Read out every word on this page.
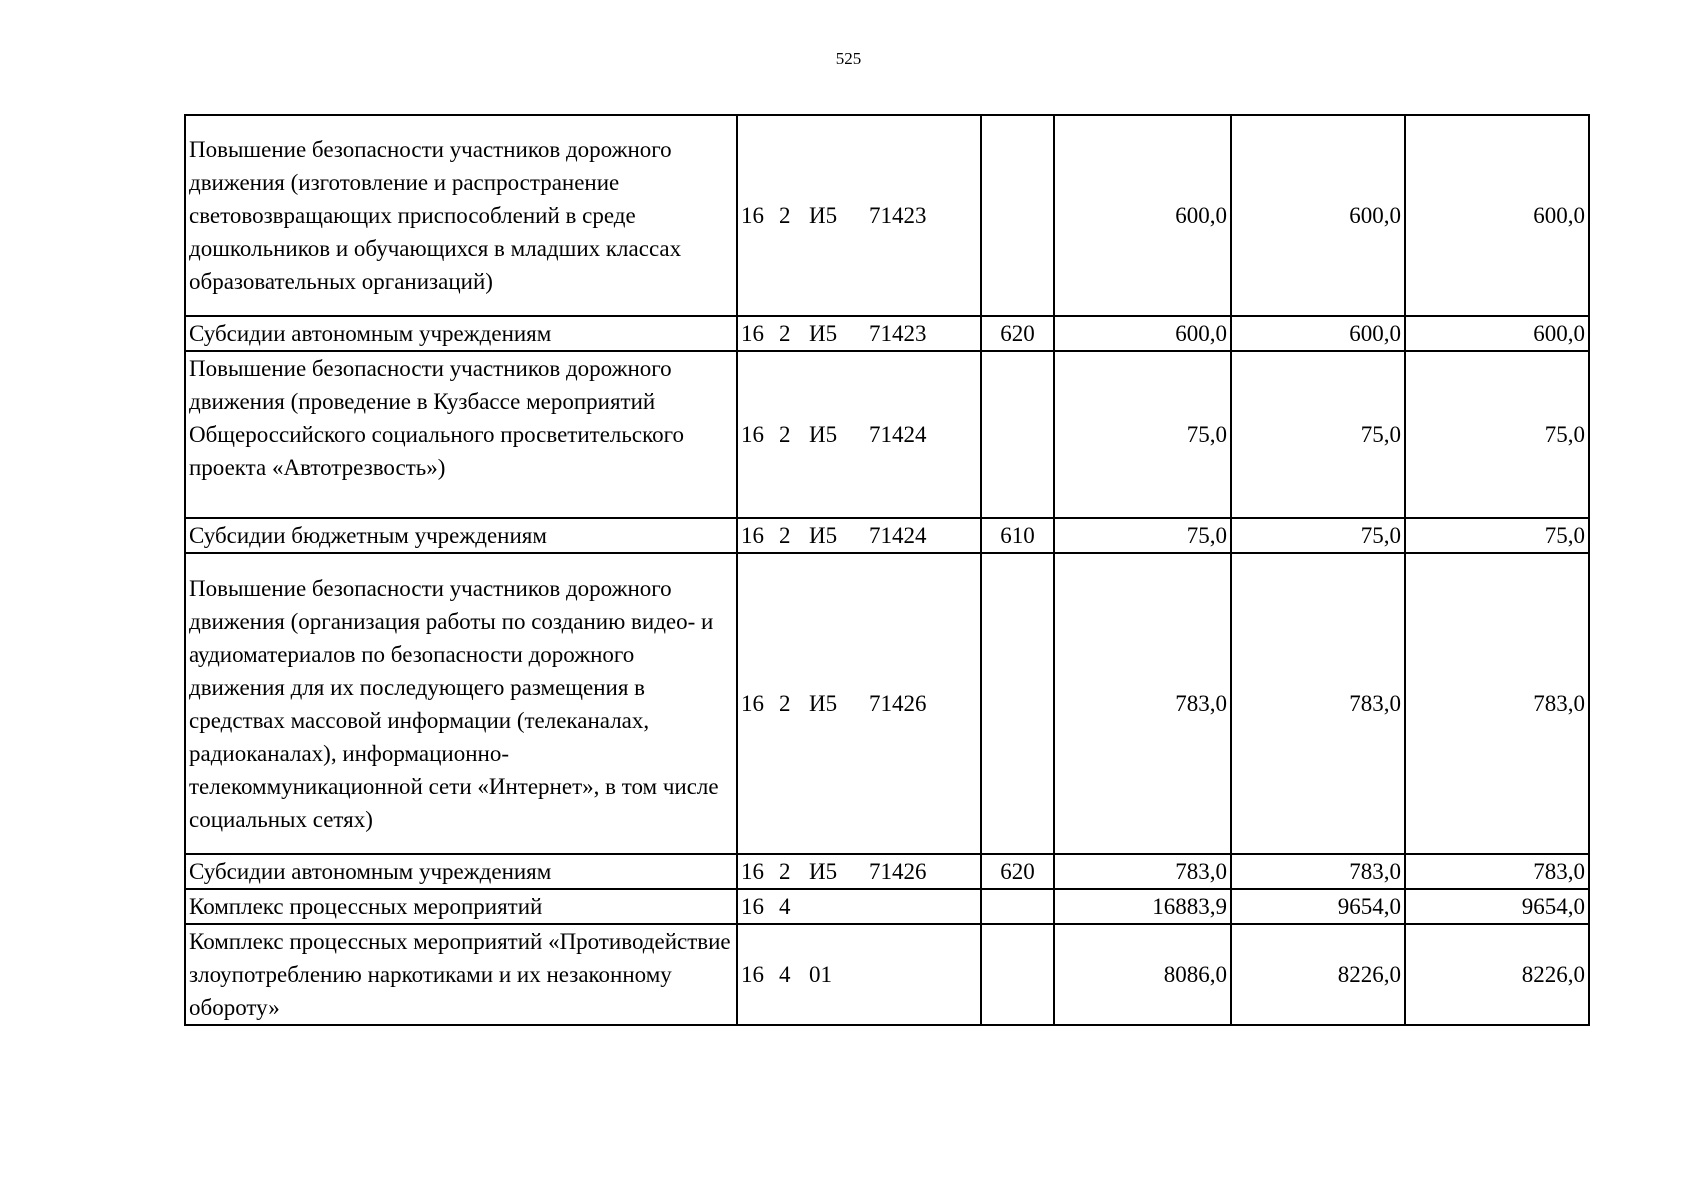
525
Повышение безопасности участников дорожного движения (изготовление и распространение световозвращающих приспособлений в среде дошкольников и обучающихся в младших классах образовательных организаций)	16 2 И5 71423		600,0	600,0	600,0
Субсидии автономным учреждениям	16 2 И5 71423	620	600,0	600,0	600,0
Повышение безопасности участников дорожного движения (проведение в Кузбассе мероприятий Общероссийского социального просветительского проекта «Автотрезвость»)	16 2 И5 71424		75,0	75,0	75,0
Субсидии бюджетным учреждениям	16 2 И5 71424	610	75,0	75,0	75,0
Повышение безопасности участников дорожного движения (организация работы по созданию видео- и аудиоматериалов по безопасности дорожного движения для их последующего размещения в средствах массовой информации (телеканалах, радиоканалах), информационно-телекоммуникационной сети «Интернет», в том числе социальных сетях)	16 2 И5 71426		783,0	783,0	783,0
Субсидии автономным учреждениям	16 2 И5 71426	620	783,0	783,0	783,0
Комплекс процессных мероприятий	16 4		16883,9	9654,0	9654,0
Комплекс процессных мероприятий «Противодействие злоупотреблению наркотиками и их незаконному обороту»	16 4 01		8086,0	8226,0	8226,0
